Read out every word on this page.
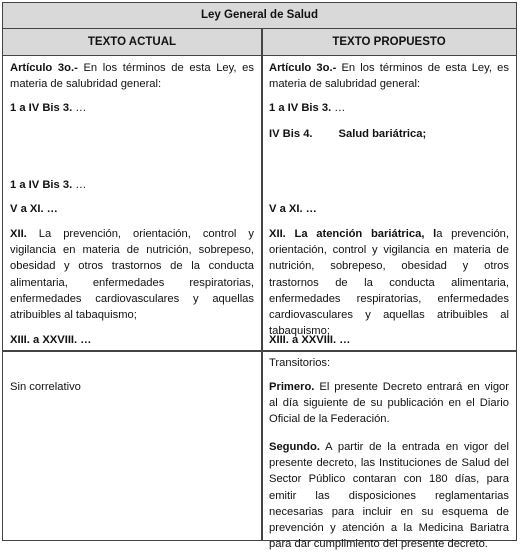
Ley General de Salud
TEXTO ACTUAL	TEXTO PROPUESTO
Artículo 3o.- En los términos de esta Ley, es materia de salubridad general:
1 a IV Bis 3. …
1 a IV Bis 3. …
V a XI. …
XII. La prevención, orientación, control y vigilancia en materia de nutrición, sobrepeso, obesidad y otros trastornos de la conducta alimentaria, enfermedades respiratorias, enfermedades cardiovasculares y aquellas atribuibles al tabaquismo;
XIII. a XXVIII. …
Sin correlativo
Artículo 3o.- En los términos de esta Ley, es materia de salubridad general:
1 a IV Bis 3. …
IV Bis 4. Salud bariátrica;
V a XI. …
XII. La atención bariátrica, la prevención, orientación, control y vigilancia en materia de nutrición, sobrepeso, obesidad y otros trastornos de la conducta alimentaria, enfermedades respiratorias, enfermedades cardiovasculares y aquellas atribuibles al tabaquismo;
XIII. a XXVIII. …
Transitorios:
Primero. El presente Decreto entrará en vigor al día siguiente de su publicación en el Diario Oficial de la Federación.
Segundo. A partir de la entrada en vigor del presente decreto, las Instituciones de Salud del Sector Público contaran con 180 días, para emitir las disposiciones reglamentarias necesarias para incluir en su esquema de prevención y atención a la Medicina Bariatra para dar cumplimiento del presente decreto.
